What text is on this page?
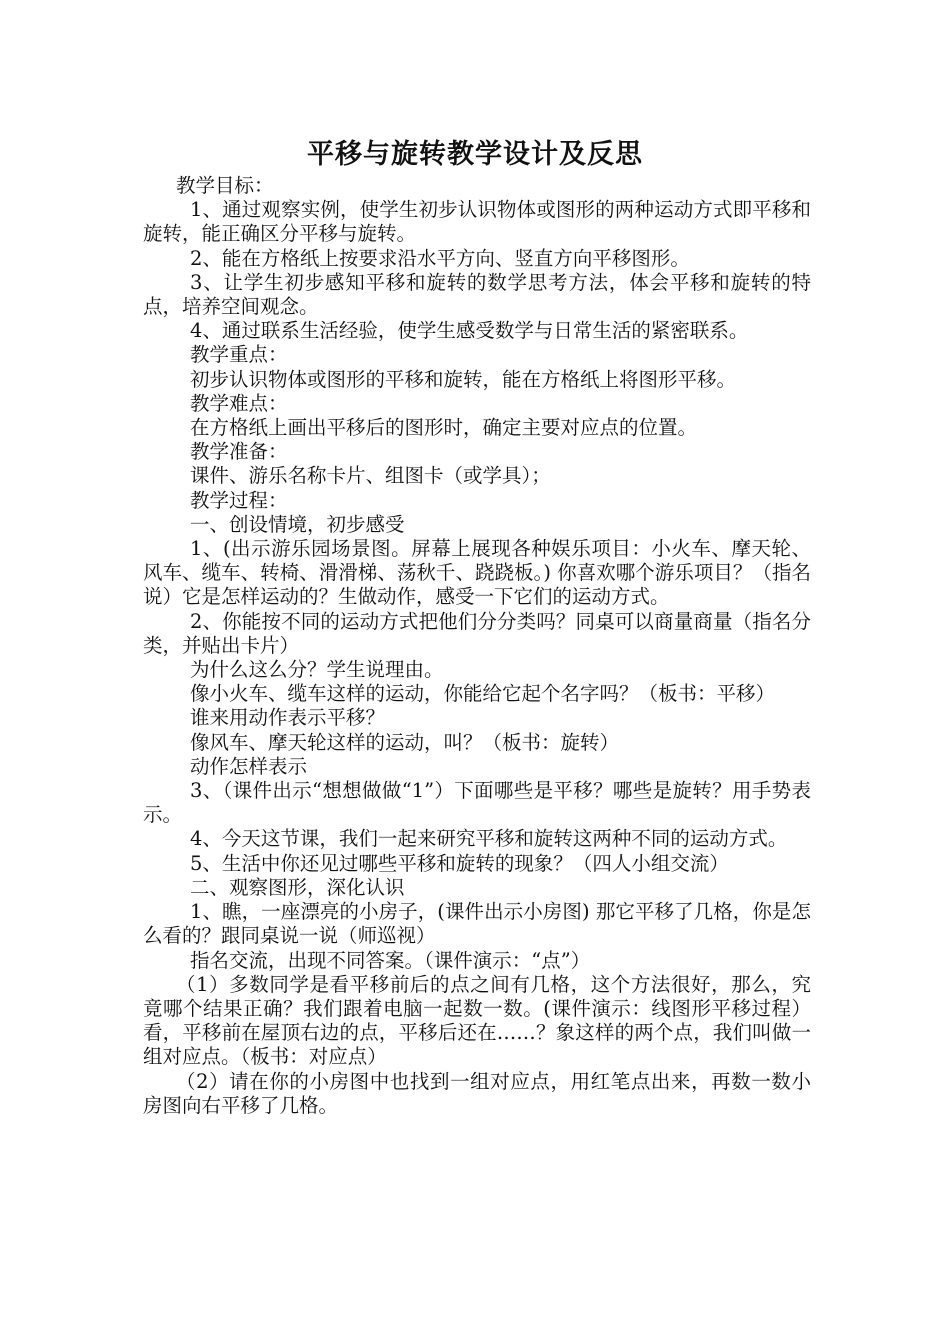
平移与旋转教学设计及反思

教学目标：

1、通过观察实例，使学生初步认识物体或图形的两种运动方式即平移和旋转，能正确区分平移与旋转。

2、能在方格纸上按要求沿水平方向、竖直方向平移图形。

3、让学生初步感知平移和旋转的数学思考方法，体会平移和旋转的特点，培养空间观念。

4、通过联系生活经验，使学生感受数学与日常生活的紧密联系。

教学重点：

初步认识物体或图形的平移和旋转，能在方格纸上将图形平移。

教学难点：

在方格纸上画出平移后的图形时，确定主要对应点的位置。

教学准备：

课件、游乐名称卡片、组图卡（或学具）；

教学过程：

一、创设情境，初步感受

1、(出示游乐园场景图。屏幕上展现各种娱乐项目：小火车、摩天轮、风车、缆车、转椅、滑滑梯、荡秋千、跷跷板。) 你喜欢哪个游乐项目？（指名说）它是怎样运动的？生做动作，感受一下它们的运动方式。

2、你能按不同的运动方式把他们分分类吗？同桌可以商量商量（指名分类，并贴出卡片）

为什么这么分？学生说理由。

像小火车、缆车这样的运动，你能给它起个名字吗？（板书：平移）

谁来用动作表示平移？

像风车、摩天轮这样的运动，叫？（板书：旋转）

动作怎样表示

3、（课件出示“想想做做“1”）下面哪些是平移？哪些是旋转？用手势表示。

4、今天这节课，我们一起来研究平移和旋转这两种不同的运动方式。

5、生活中你还见过哪些平移和旋转的现象？（四人小组交流）

二、观察图形，深化认识

1、瞧，一座漂亮的小房子，(课件出示小房图) 那它平移了几格，你是怎么看的？跟同桌说一说（师巡视）

指名交流，出现不同答案。（课件演示：“点”）

（1）多数同学是看平移前后的点之间有几格，这个方法很好，那么，究竟哪个结果正确？我们跟着电脑一起数一数。(课件演示：线图形平移过程）看，平移前在屋顶右边的点，平移后还在……？象这样的两个点，我们叫做一组对应点。（板书：对应点）

（2）请在你的小房图中也找到一组对应点，用红笔点出来，再数一数小房图向右平移了几格。
